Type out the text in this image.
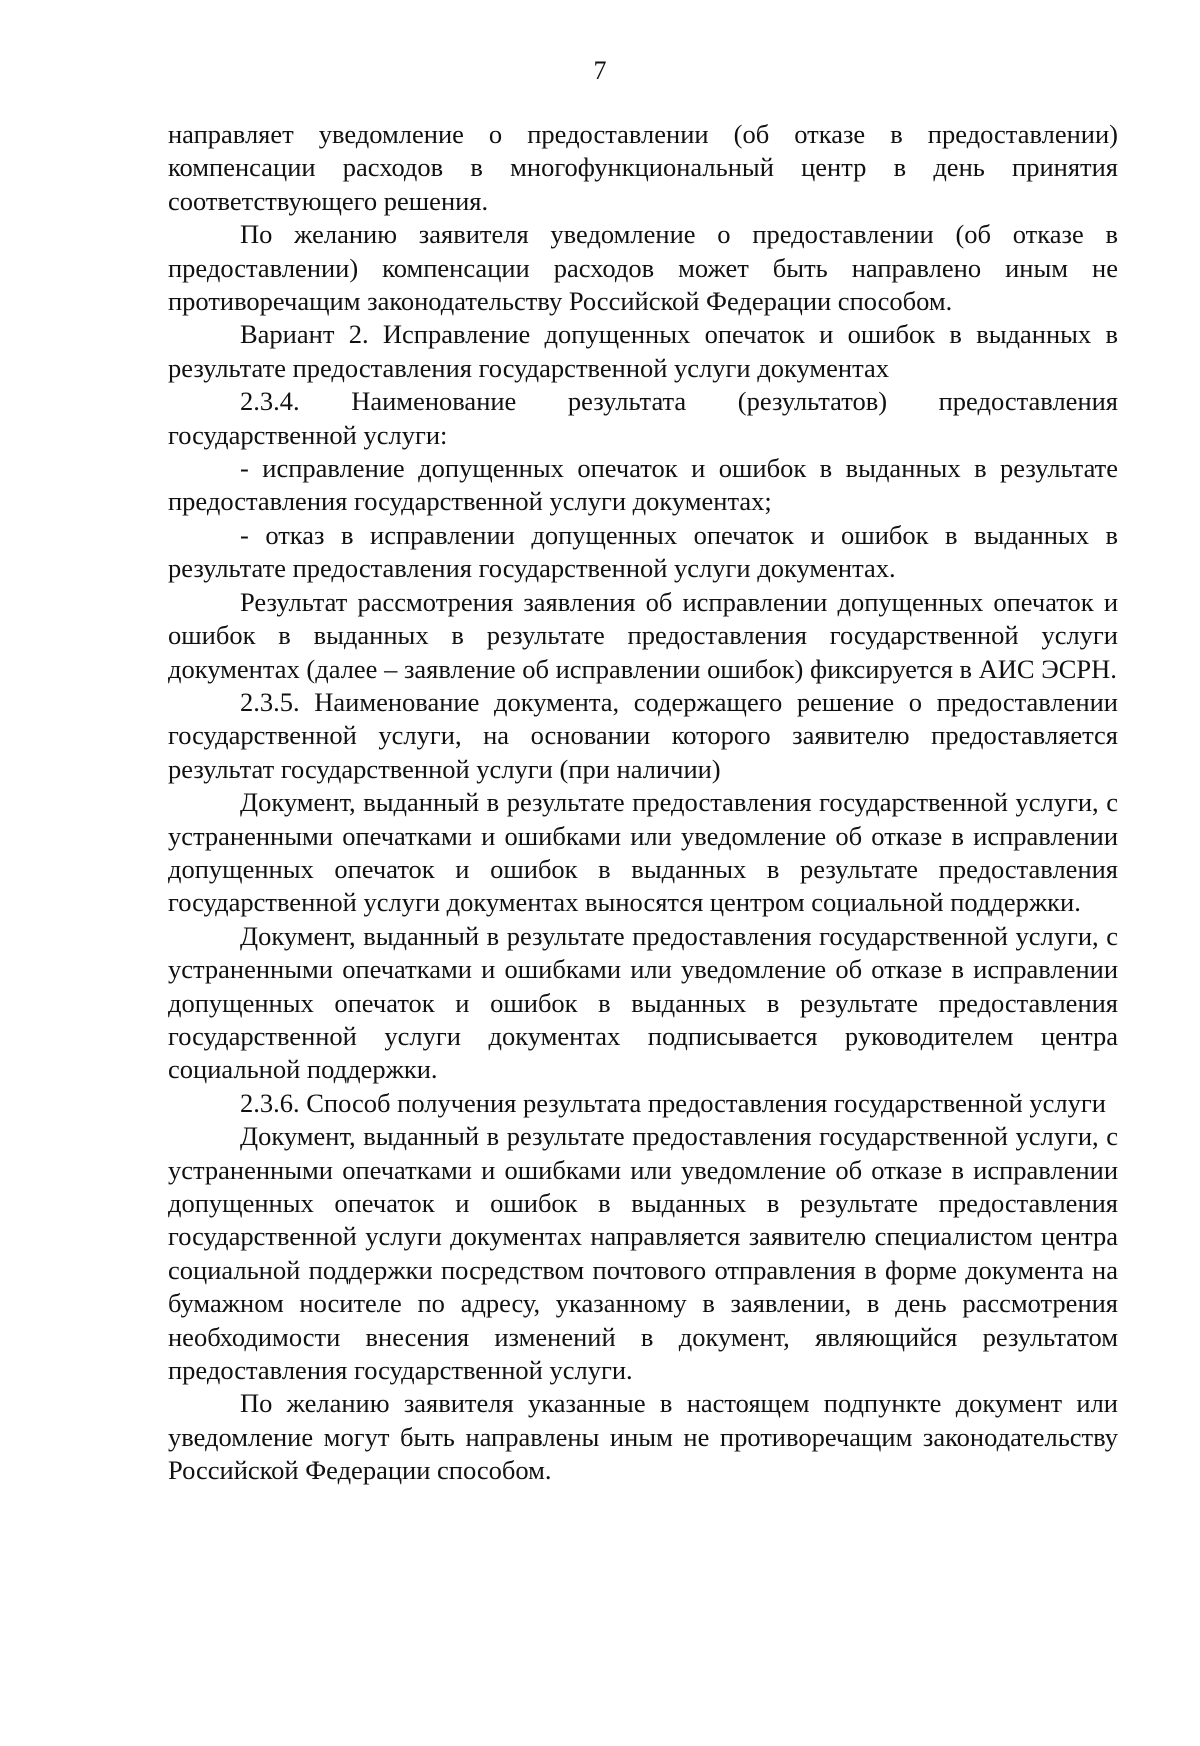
7

направляет уведомление о предоставлении (об отказе в предоставлении) компенсации расходов в многофункциональный центр в день принятия соответствующего решения.

По желанию заявителя уведомление о предоставлении (об отказе в предоставлении) компенсации расходов может быть направлено иным не противоречащим законодательству Российской Федерации способом.

Вариант 2. Исправление допущенных опечаток и ошибок в выданных в результате предоставления государственной услуги документах

2.3.4. Наименование результата (результатов) предоставления государственной услуги:

- исправление допущенных опечаток и ошибок в выданных в результате предоставления государственной услуги документах;

- отказ в исправлении допущенных опечаток и ошибок в выданных в результате предоставления государственной услуги документах.

Результат рассмотрения заявления об исправлении допущенных опечаток и ошибок в выданных в результате предоставления государственной услуги документах (далее – заявление об исправлении ошибок) фиксируется в АИС ЭСРН.

2.3.5. Наименование документа, содержащего решение о предоставлении государственной услуги, на основании которого заявителю предоставляется результат государственной услуги (при наличии)

Документ, выданный в результате предоставления государственной услуги, с устраненными опечатками и ошибками или уведомление об отказе в исправлении допущенных опечаток и ошибок в выданных в результате предоставления государственной услуги документах выносятся центром социальной поддержки.

Документ, выданный в результате предоставления государственной услуги, с устраненными опечатками и ошибками или уведомление об отказе в исправлении допущенных опечаток и ошибок в выданных в результате предоставления государственной услуги документах подписывается руководителем центра социальной поддержки.

2.3.6. Способ получения результата предоставления государственной услуги

Документ, выданный в результате предоставления государственной услуги, с устраненными опечатками и ошибками или уведомление об отказе в исправлении допущенных опечаток и ошибок в выданных в результате предоставления государственной услуги документах направляется заявителю специалистом центра социальной поддержки посредством почтового отправления в форме документа на бумажном носителе по адресу, указанному в заявлении, в день рассмотрения необходимости внесения изменений в документ, являющийся результатом предоставления государственной услуги.

По желанию заявителя указанные в настоящем подпункте документ или уведомление могут быть направлены иным не противоречащим законодательству Российской Федерации способом.
